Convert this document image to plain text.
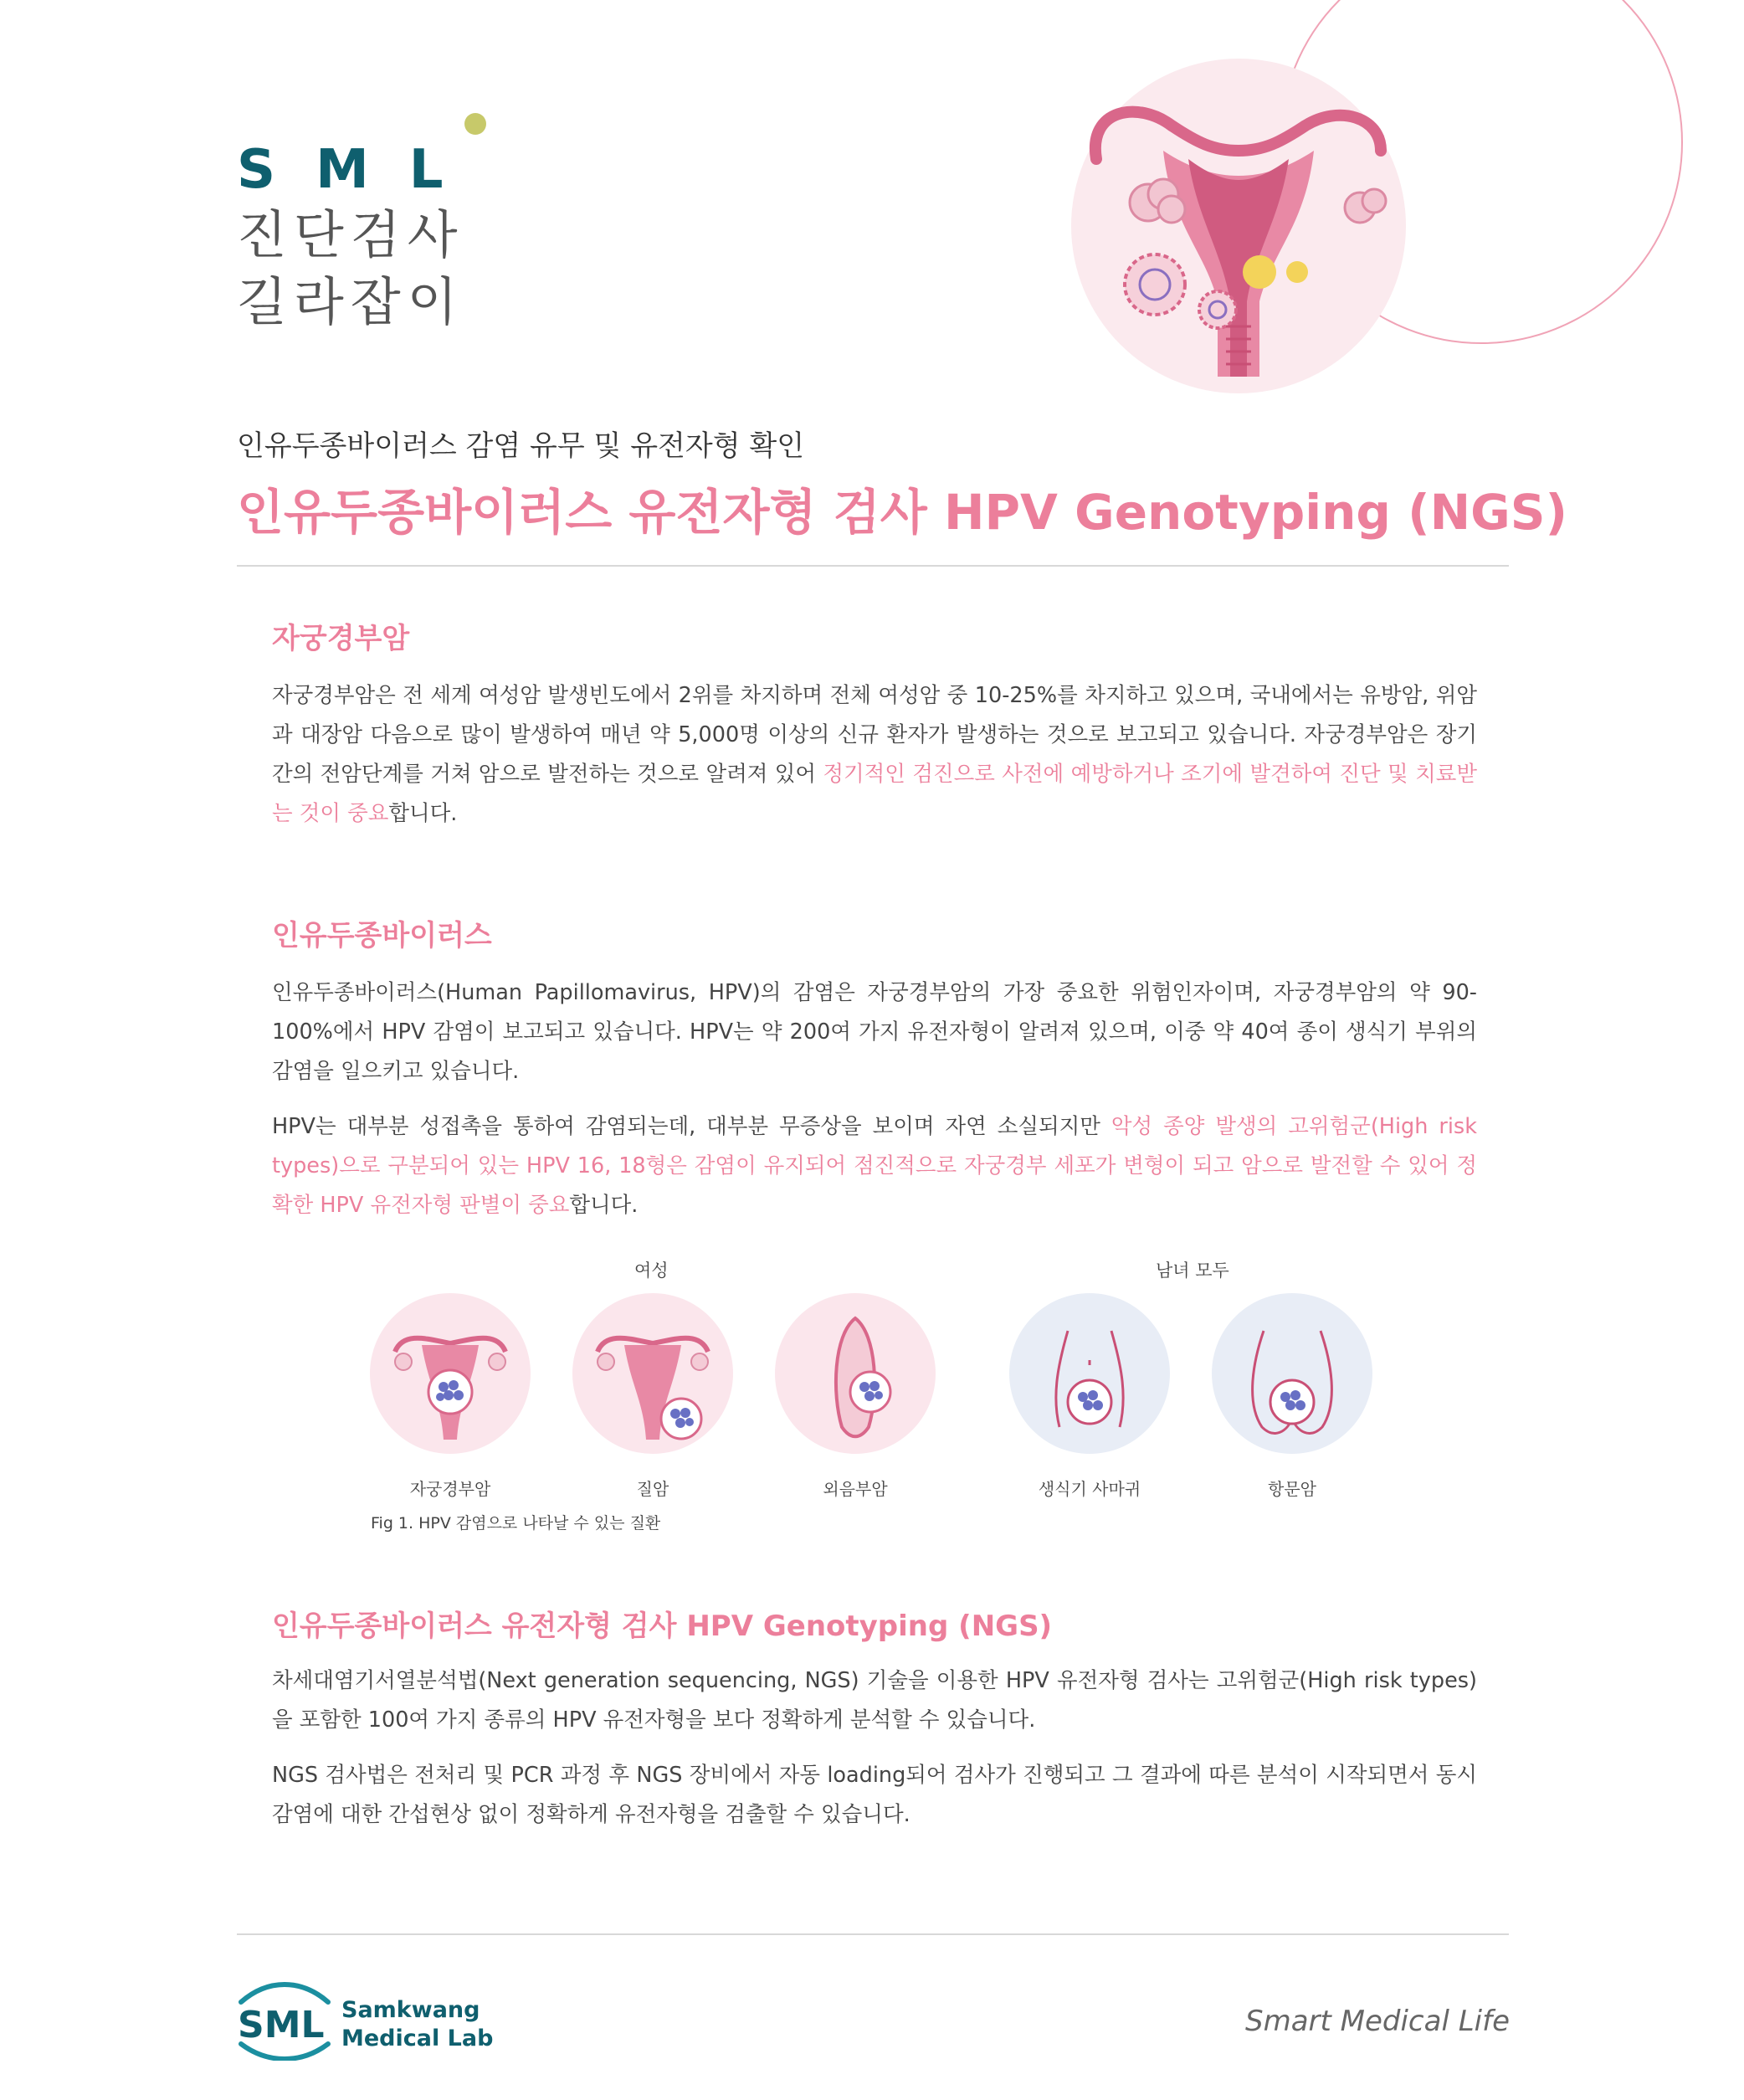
SML
진단검사
길라잡이
인유두종바이러스 감염 유무 및 유전자형 확인
인유두종바이러스 유전자형 검사 HPV Genotyping (NGS)
자궁경부암
자궁경부암은 전 세계 여성암 발생빈도에서 2위를 차지하며 전체 여성암 중 10-25%를 차지하고 있으며, 국내에서는 유방암, 위암과 대장암 다음으로 많이 발생하여 매년 약 5,000명 이상의 신규 환자가 발생하는 것으로 보고되고 있습니다. 자궁경부암은 장기간의 전암단계를 거쳐 암으로 발전하는 것으로 알려져 있어 정기적인 검진으로 사전에 예방하거나 조기에 발견하여 진단 및 치료받는 것이 중요합니다.
인유두종바이러스
인유두종바이러스(Human Papillomavirus, HPV)의 감염은 자궁경부암의 가장 중요한 위험인자이며, 자궁경부암의 약 90-100%에서 HPV 감염이 보고되고 있습니다. HPV는 약 200여 가지 유전자형이 알려져 있으며, 이중 약 40여 종이 생식기 부위의 감염을 일으키고 있습니다.
HPV는 대부분 성접촉을 통하여 감염되는데, 대부분 무증상을 보이며 자연 소실되지만 악성 종양 발생의 고위험군(High risk types)으로 구분되어 있는 HPV 16, 18형은 감염이 유지되어 점진적으로 자궁경부 세포가 변형이 되고 암으로 발전할 수 있어 정확한 HPV 유전자형 판별이 중요합니다.
여성	남녀 모두
자궁경부암	질암	외음부암	생식기 사마귀	항문암
Fig 1. HPV 감염으로 나타날 수 있는 질환
인유두종바이러스 유전자형 검사 HPV Genotyping (NGS)
차세대염기서열분석법(Next generation sequencing, NGS) 기술을 이용한 HPV 유전자형 검사는 고위험군(High risk types)을 포함한 100여 가지 종류의 HPV 유전자형을 보다 정확하게 분석할 수 있습니다.
NGS 검사법은 전처리 및 PCR 과정 후 NGS 장비에서 자동 loading되어 검사가 진행되고 그 결과에 따른 분석이 시작되면서 동시 감염에 대한 간섭현상 없이 정확하게 유전자형을 검출할 수 있습니다.
SML Samkwang
Medical Lab
Smart Medical Life
